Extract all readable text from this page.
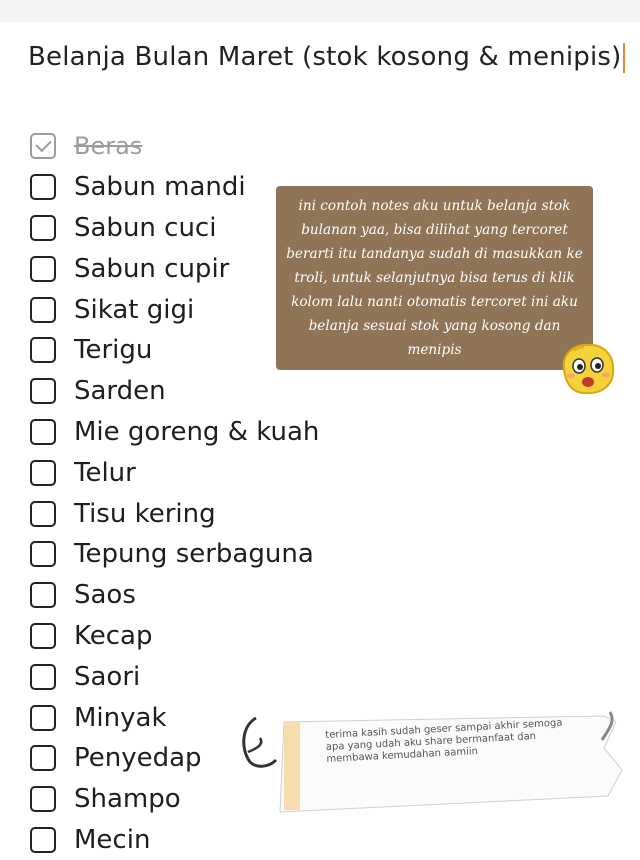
Belanja Bulan Maret (stok kosong & menipis)
Beras
Sabun mandi
Sabun cuci
Sabun cupir
Sikat gigi
Terigu
Sarden
Mie goreng & kuah
Telur
Tisu kering
Tepung serbaguna
Saos
Kecap
Saori
Minyak
Penyedap
Shampo
Mecin
ini contoh notes aku untuk belanja stok bulanan yaa, bisa dilihat yang tercoret berarti itu tandanya sudah di masukkan ke troli, untuk selanjutnya bisa terus di klik kolom lalu nanti otomatis tercoret ini aku belanja sesuai stok yang kosong dan menipis
terima kasih sudah geser sampai akhir semoga apa yang udah aku share bermanfaat dan membawa kemudahan aamiin
